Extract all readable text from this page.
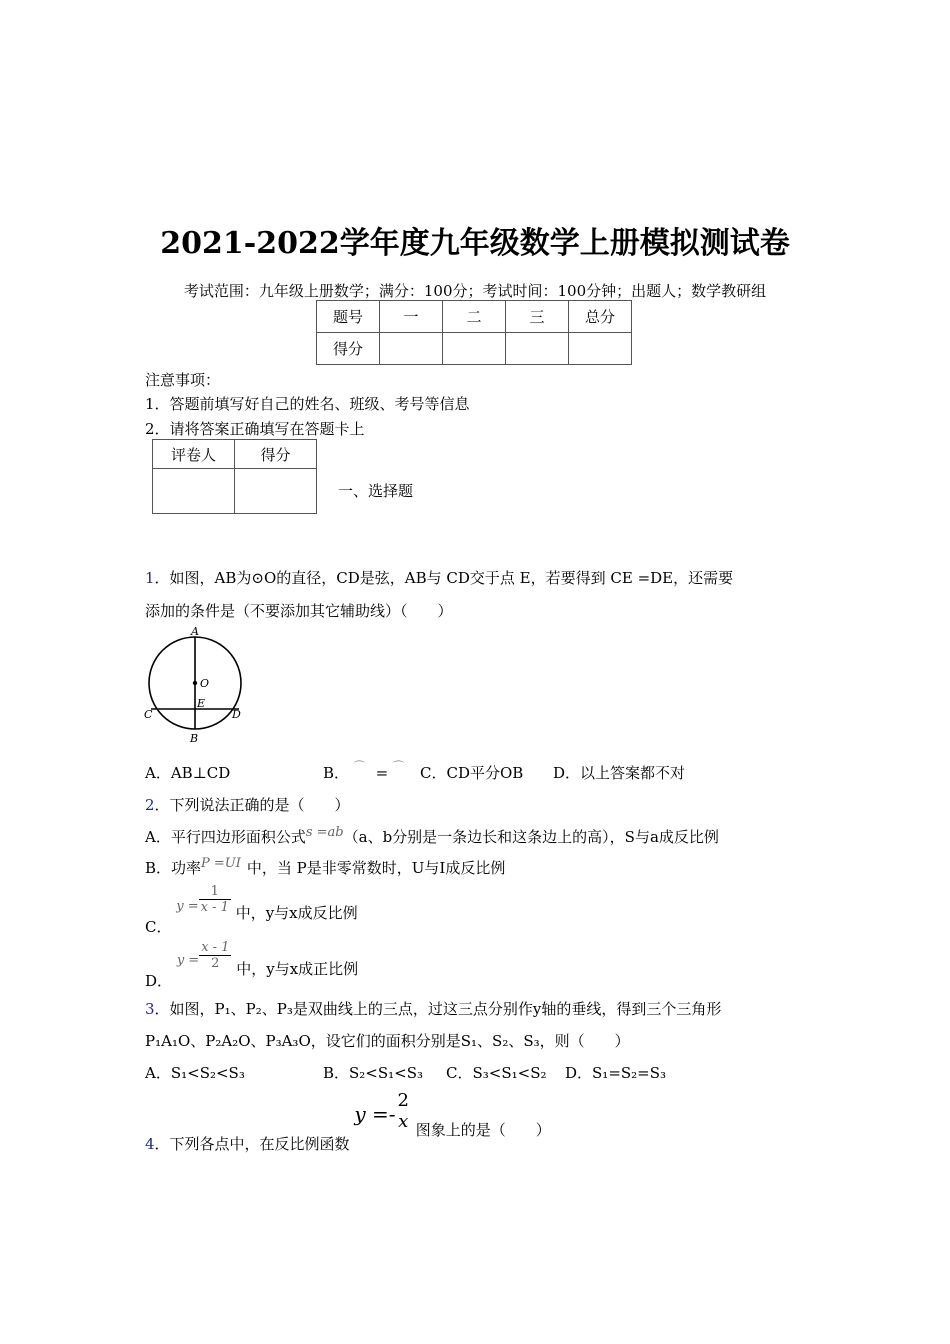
2021-2022学年度九年级数学上册模拟测试卷
考试范围：九年级上册数学；满分：100分；考试时间：100分钟；出题人；数学教研组
题号	一	二	三	总分
得分				
注意事项：
1．答题前填写好自己的姓名、班级、考号等信息
2．请将答案正确填写在答题卡上
评卷人	得分

一、选择题
1．如图，AB为⊙O的直径，CD是弦，AB与 CD交于点 E，若要得到 CE =DE，还需要
添加的条件是（不要添加其它辅助线）（　　）
A
O
E
C	D
B
A．AB⊥CD	B． ⌒ = ⌒ C．CD平分OB D．以上答案都不对
2．下列说法正确的是（　　）
A．平行四边形面积公式s =ab（a、b分别是一条边长和这条边上的高），S与a成反比例
B．功率P =UI 中，当 P是非零常数时，U与I成反比例
C． $y = \frac{1}{x - 1}$ 中，y与x成反比例
D． $y = \frac{x - 1}{2}$ 中，y与x成正比例
3．如图，P₁、P₂、P₃是双曲线上的三点，过这三点分别作y轴的垂线，得到三个三角形
P₁A₁O、P₂A₂O、P₃A₃O，设它们的面积分别是S₁、S₂、S₃，则（　　）
A．S₁<S₂<S₃	B．S₂<S₁<S₃ C．S₃<S₁<S₂ D．S₁=S₂=S₃
4．下列各点中，在反比例函数 y =-
2
x 图象上的是（　　）
